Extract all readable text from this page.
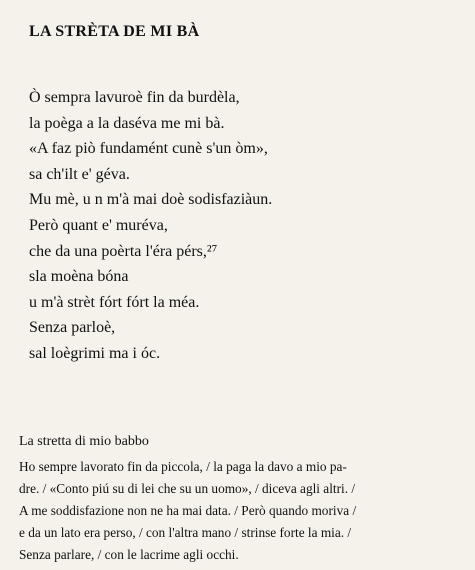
LA STRÈTA DE MI BÀ
Ò sempra lavuroè fin da burdèla,
la poèga a la daséva me mi bà.
«A faz piò fundamént cunè s'un òm»,
sa ch'ilt e' géva.
Mu mè, u n m'à mai doè sodisfaziàun.
Però quant e' muréva,
che da una poèrta l'éra pérs,²⁷
sla moèna bóna
u m'à strèt fórt fórt la méa.
Senza parloè,
sal loègrimi ma i óc.
La stretta di mio babbo
Ho sempre lavorato fin da piccola, / la paga la davo a mio pa-
dre. / «Conto piú su di lei che su un uomo», / diceva agli altri. /
A me soddisfazione non ne ha mai data. / Però quando moriva /
e da un lato era perso, / con l'altra mano / strinse forte la mia. /
Senza parlare, / con le lacrime agli occhi.
